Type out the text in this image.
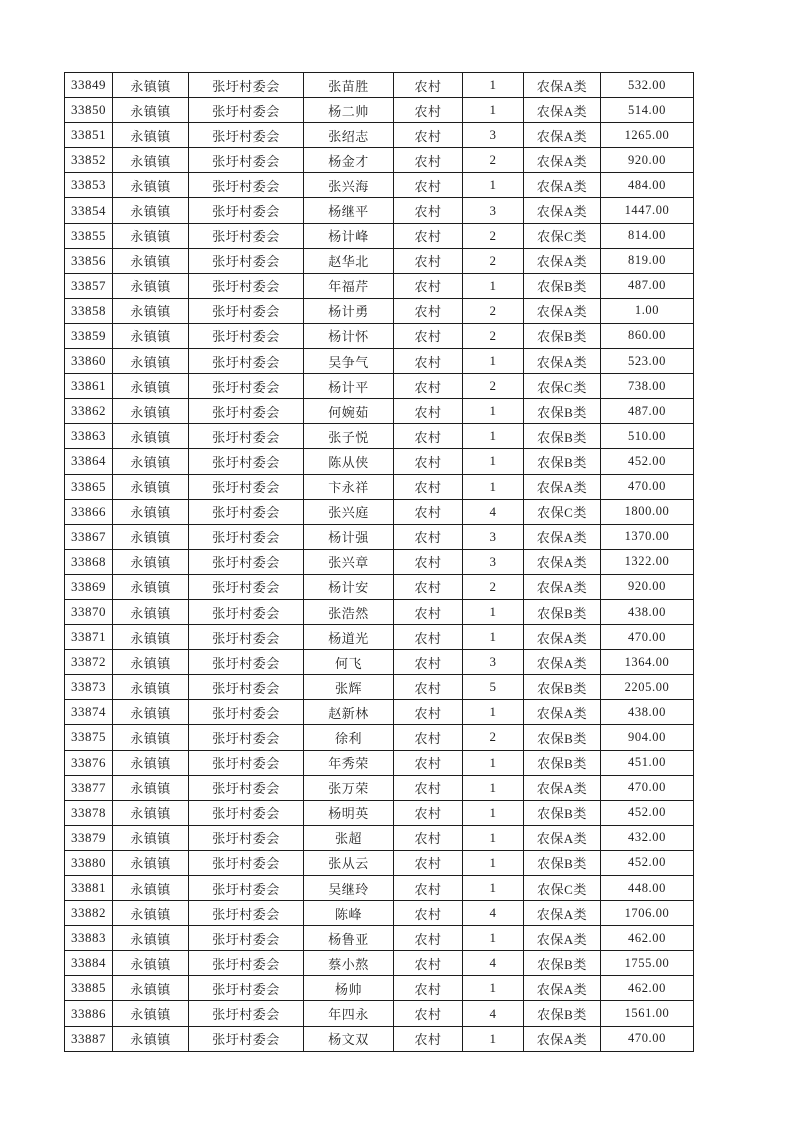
33849	永镇镇	张圩村委会	张苗胜	农村	1	农保A类	532.00
33850	永镇镇	张圩村委会	杨二帅	农村	1	农保A类	514.00
33851	永镇镇	张圩村委会	张绍志	农村	3	农保A类	1265.00
33852	永镇镇	张圩村委会	杨金才	农村	2	农保A类	920.00
33853	永镇镇	张圩村委会	张兴海	农村	1	农保A类	484.00
33854	永镇镇	张圩村委会	杨继平	农村	3	农保A类	1447.00
33855	永镇镇	张圩村委会	杨计峰	农村	2	农保C类	814.00
33856	永镇镇	张圩村委会	赵华北	农村	2	农保A类	819.00
33857	永镇镇	张圩村委会	年福芹	农村	1	农保B类	487.00
33858	永镇镇	张圩村委会	杨计勇	农村	2	农保A类	1.00
33859	永镇镇	张圩村委会	杨计怀	农村	2	农保B类	860.00
33860	永镇镇	张圩村委会	吴争气	农村	1	农保A类	523.00
33861	永镇镇	张圩村委会	杨计平	农村	2	农保C类	738.00
33862	永镇镇	张圩村委会	何婉茹	农村	1	农保B类	487.00
33863	永镇镇	张圩村委会	张子悦	农村	1	农保B类	510.00
33864	永镇镇	张圩村委会	陈从侠	农村	1	农保B类	452.00
33865	永镇镇	张圩村委会	卞永祥	农村	1	农保A类	470.00
33866	永镇镇	张圩村委会	张兴庭	农村	4	农保C类	1800.00
33867	永镇镇	张圩村委会	杨计强	农村	3	农保A类	1370.00
33868	永镇镇	张圩村委会	张兴章	农村	3	农保A类	1322.00
33869	永镇镇	张圩村委会	杨计安	农村	2	农保A类	920.00
33870	永镇镇	张圩村委会	张浩然	农村	1	农保B类	438.00
33871	永镇镇	张圩村委会	杨道光	农村	1	农保A类	470.00
33872	永镇镇	张圩村委会	何飞	农村	3	农保A类	1364.00
33873	永镇镇	张圩村委会	张辉	农村	5	农保B类	2205.00
33874	永镇镇	张圩村委会	赵新林	农村	1	农保A类	438.00
33875	永镇镇	张圩村委会	徐利	农村	2	农保B类	904.00
33876	永镇镇	张圩村委会	年秀荣	农村	1	农保B类	451.00
33877	永镇镇	张圩村委会	张万荣	农村	1	农保A类	470.00
33878	永镇镇	张圩村委会	杨明英	农村	1	农保B类	452.00
33879	永镇镇	张圩村委会	张超	农村	1	农保A类	432.00
33880	永镇镇	张圩村委会	张从云	农村	1	农保B类	452.00
33881	永镇镇	张圩村委会	吴继玲	农村	1	农保C类	448.00
33882	永镇镇	张圩村委会	陈峰	农村	4	农保A类	1706.00
33883	永镇镇	张圩村委会	杨鲁亚	农村	1	农保A类	462.00
33884	永镇镇	张圩村委会	蔡小熬	农村	4	农保B类	1755.00
33885	永镇镇	张圩村委会	杨帅	农村	1	农保A类	462.00
33886	永镇镇	张圩村委会	年四永	农村	4	农保B类	1561.00
33887	永镇镇	张圩村委会	杨文双	农村	1	农保A类	470.00
